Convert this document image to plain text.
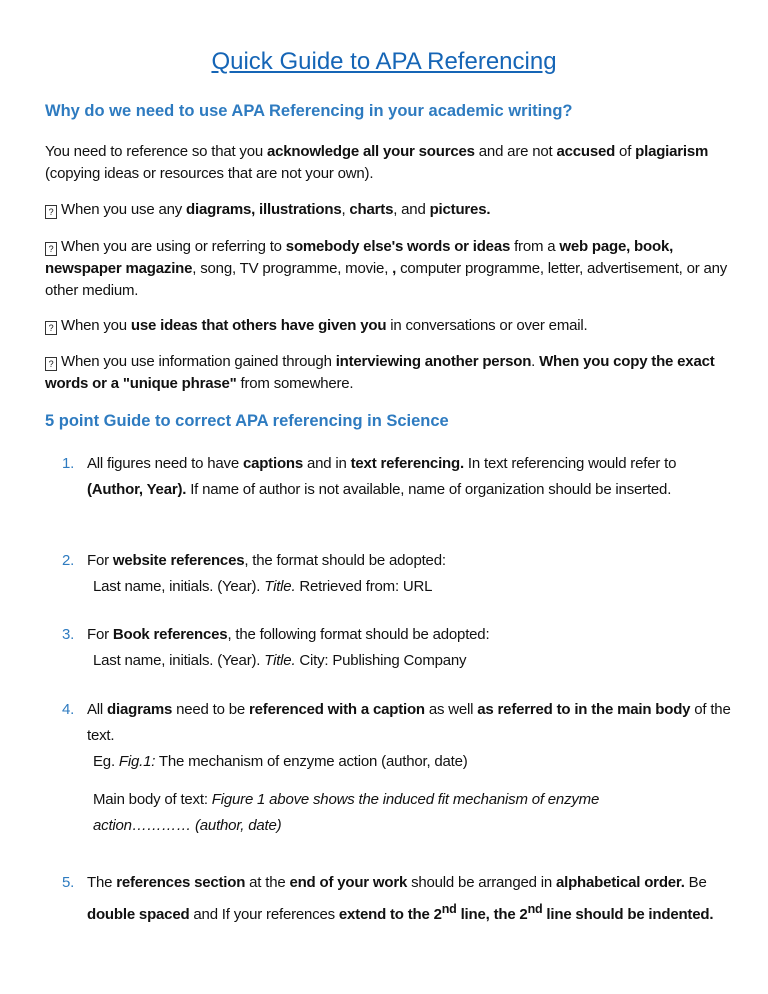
Quick Guide to APA Referencing
Why do we need to use APA Referencing in your academic writing?
You need to reference so that you acknowledge all your sources and are not accused of plagiarism (copying ideas or resources that are not your own).
? When you use any diagrams, illustrations, charts, and pictures.
? When you are using or referring to somebody else's words or ideas from a web page, book, newspaper magazine, song, TV programme, movie, , computer programme, letter, advertisement, or any other medium.
? When you use ideas that others have given you in conversations or over email.
? When you use information gained through interviewing another person. When you copy the exact words or a "unique phrase" from somewhere.
5 point Guide to correct APA referencing in Science
1. All figures need to have captions and in text referencing. In text referencing would refer to (Author, Year). If name of author is not available, name of organization should be inserted.
2. For website references, the format should be adopted:
Last name, initials. (Year). Title. Retrieved from: URL
3. For Book references, the following format should be adopted:
Last name, initials. (Year). Title. City: Publishing Company
4. All diagrams need to be referenced with a caption as well as referred to in the main body of the text.
Eg. Fig.1: The mechanism of enzyme action (author, date)
Main body of text: Figure 1 above shows the induced fit mechanism of enzyme action………… (author, date)
5. The references section at the end of your work should be arranged in alphabetical order. Be double spaced and If your references extend to the 2nd line, the 2nd line should be indented.
